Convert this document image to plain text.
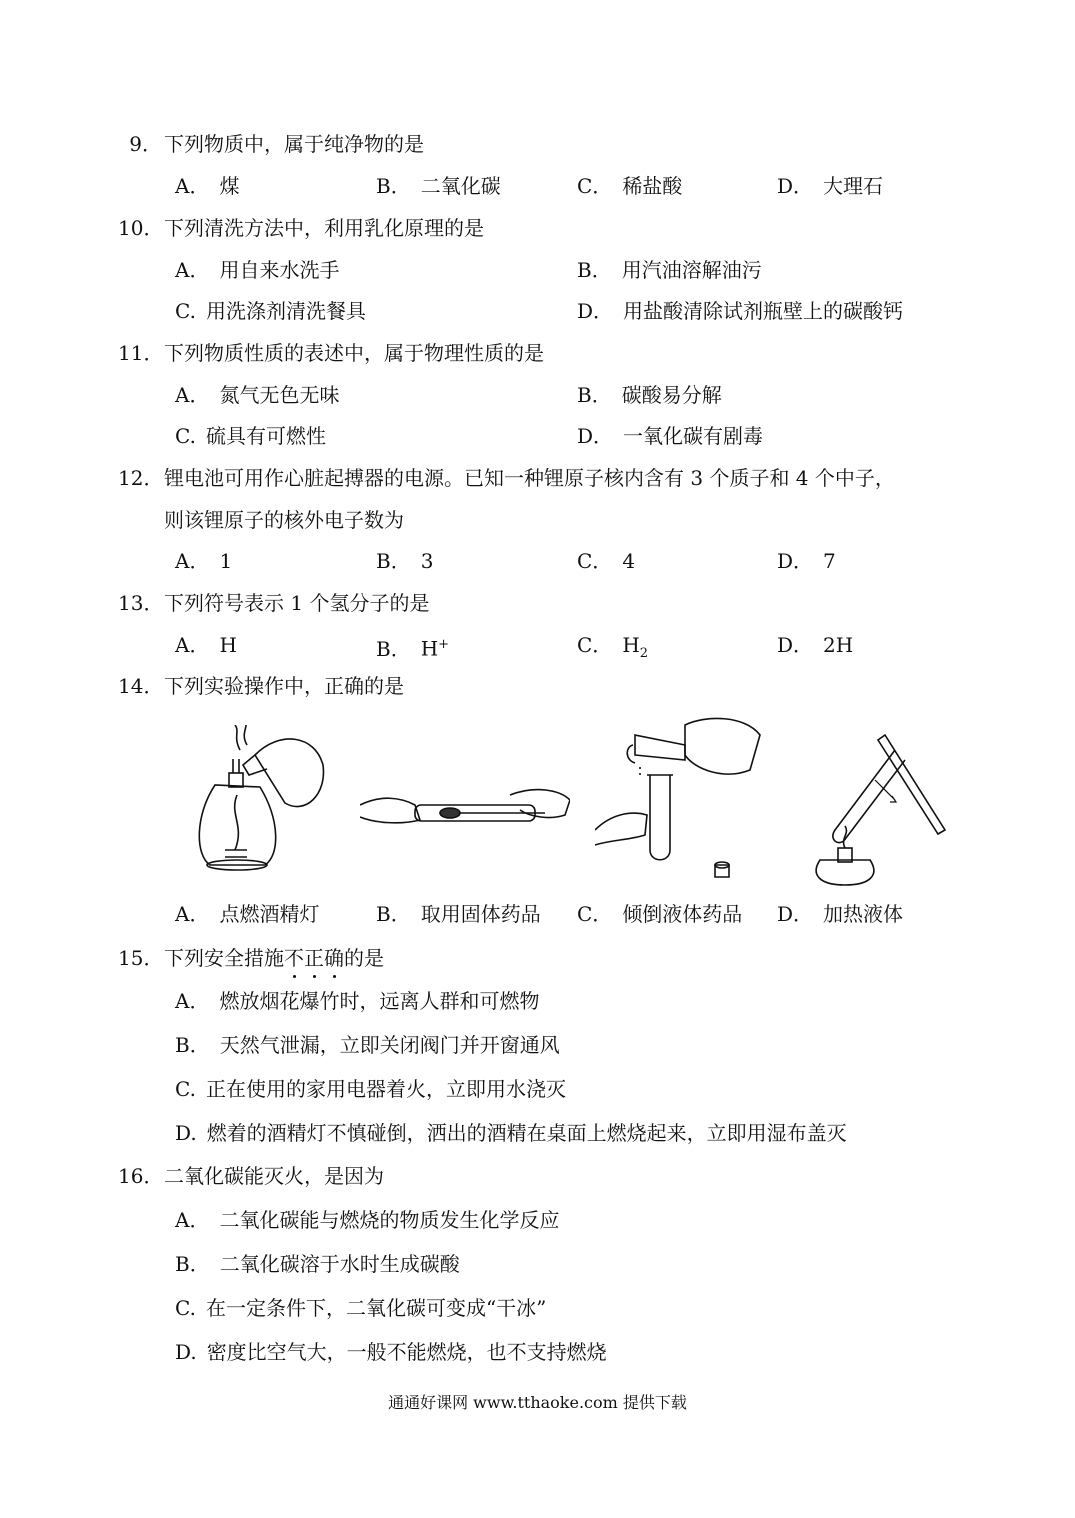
9． 下列物质中，属于纯净物的是
A． 煤	B． 二氧化碳	C． 稀盐酸	D． 大理石
10．下列清洗方法中，利用乳化原理的是
A． 用自来水洗手	B． 用汽油溶解油污
C. 用洗涤剂清洗餐具	D． 用盐酸清除试剂瓶壁上的碳酸钙
11．下列物质性质的表述中，属于物理性质的是
A． 氮气无色无味	B． 碳酸易分解
C. 硫具有可燃性	D． 一氧化碳有剧毒
12．锂电池可用作心脏起搏器的电源。已知一种锂原子核内含有 3 个质子和 4 个中子，
则该锂原子的核外电子数为
A． 1	B． 3	C． 4	D． 7
13．下列符号表示 1 个氢分子的是
A． H	B． H+	C． $H_2$	D． 2H
14．下列实验操作中，正确的是
A． 点燃酒精灯	B． 取用固体药品 C． 倾倒液体药品 D． 加热液体
15．下列安全措施不正确的是
A． 燃放烟花爆竹时，远离人群和可燃物
B． 天然气泄漏，立即关闭阀门并开窗通风
C. 正在使用的家用电器着火，立即用水浇灭
D. 燃着的酒精灯不慎碰倒，洒出的酒精在桌面上燃烧起来，立即用湿布盖灭
16．二氧化碳能灭火，是因为
A． 二氧化碳能与燃烧的物质发生化学反应
B． 二氧化碳溶于水时生成碳酸
C. 在一定条件下，二氧化碳可变成“干冰”
D. 密度比空气大，一般不能燃烧，也不支持燃烧
通通好课网 www.tthaoke.com 提供下载
